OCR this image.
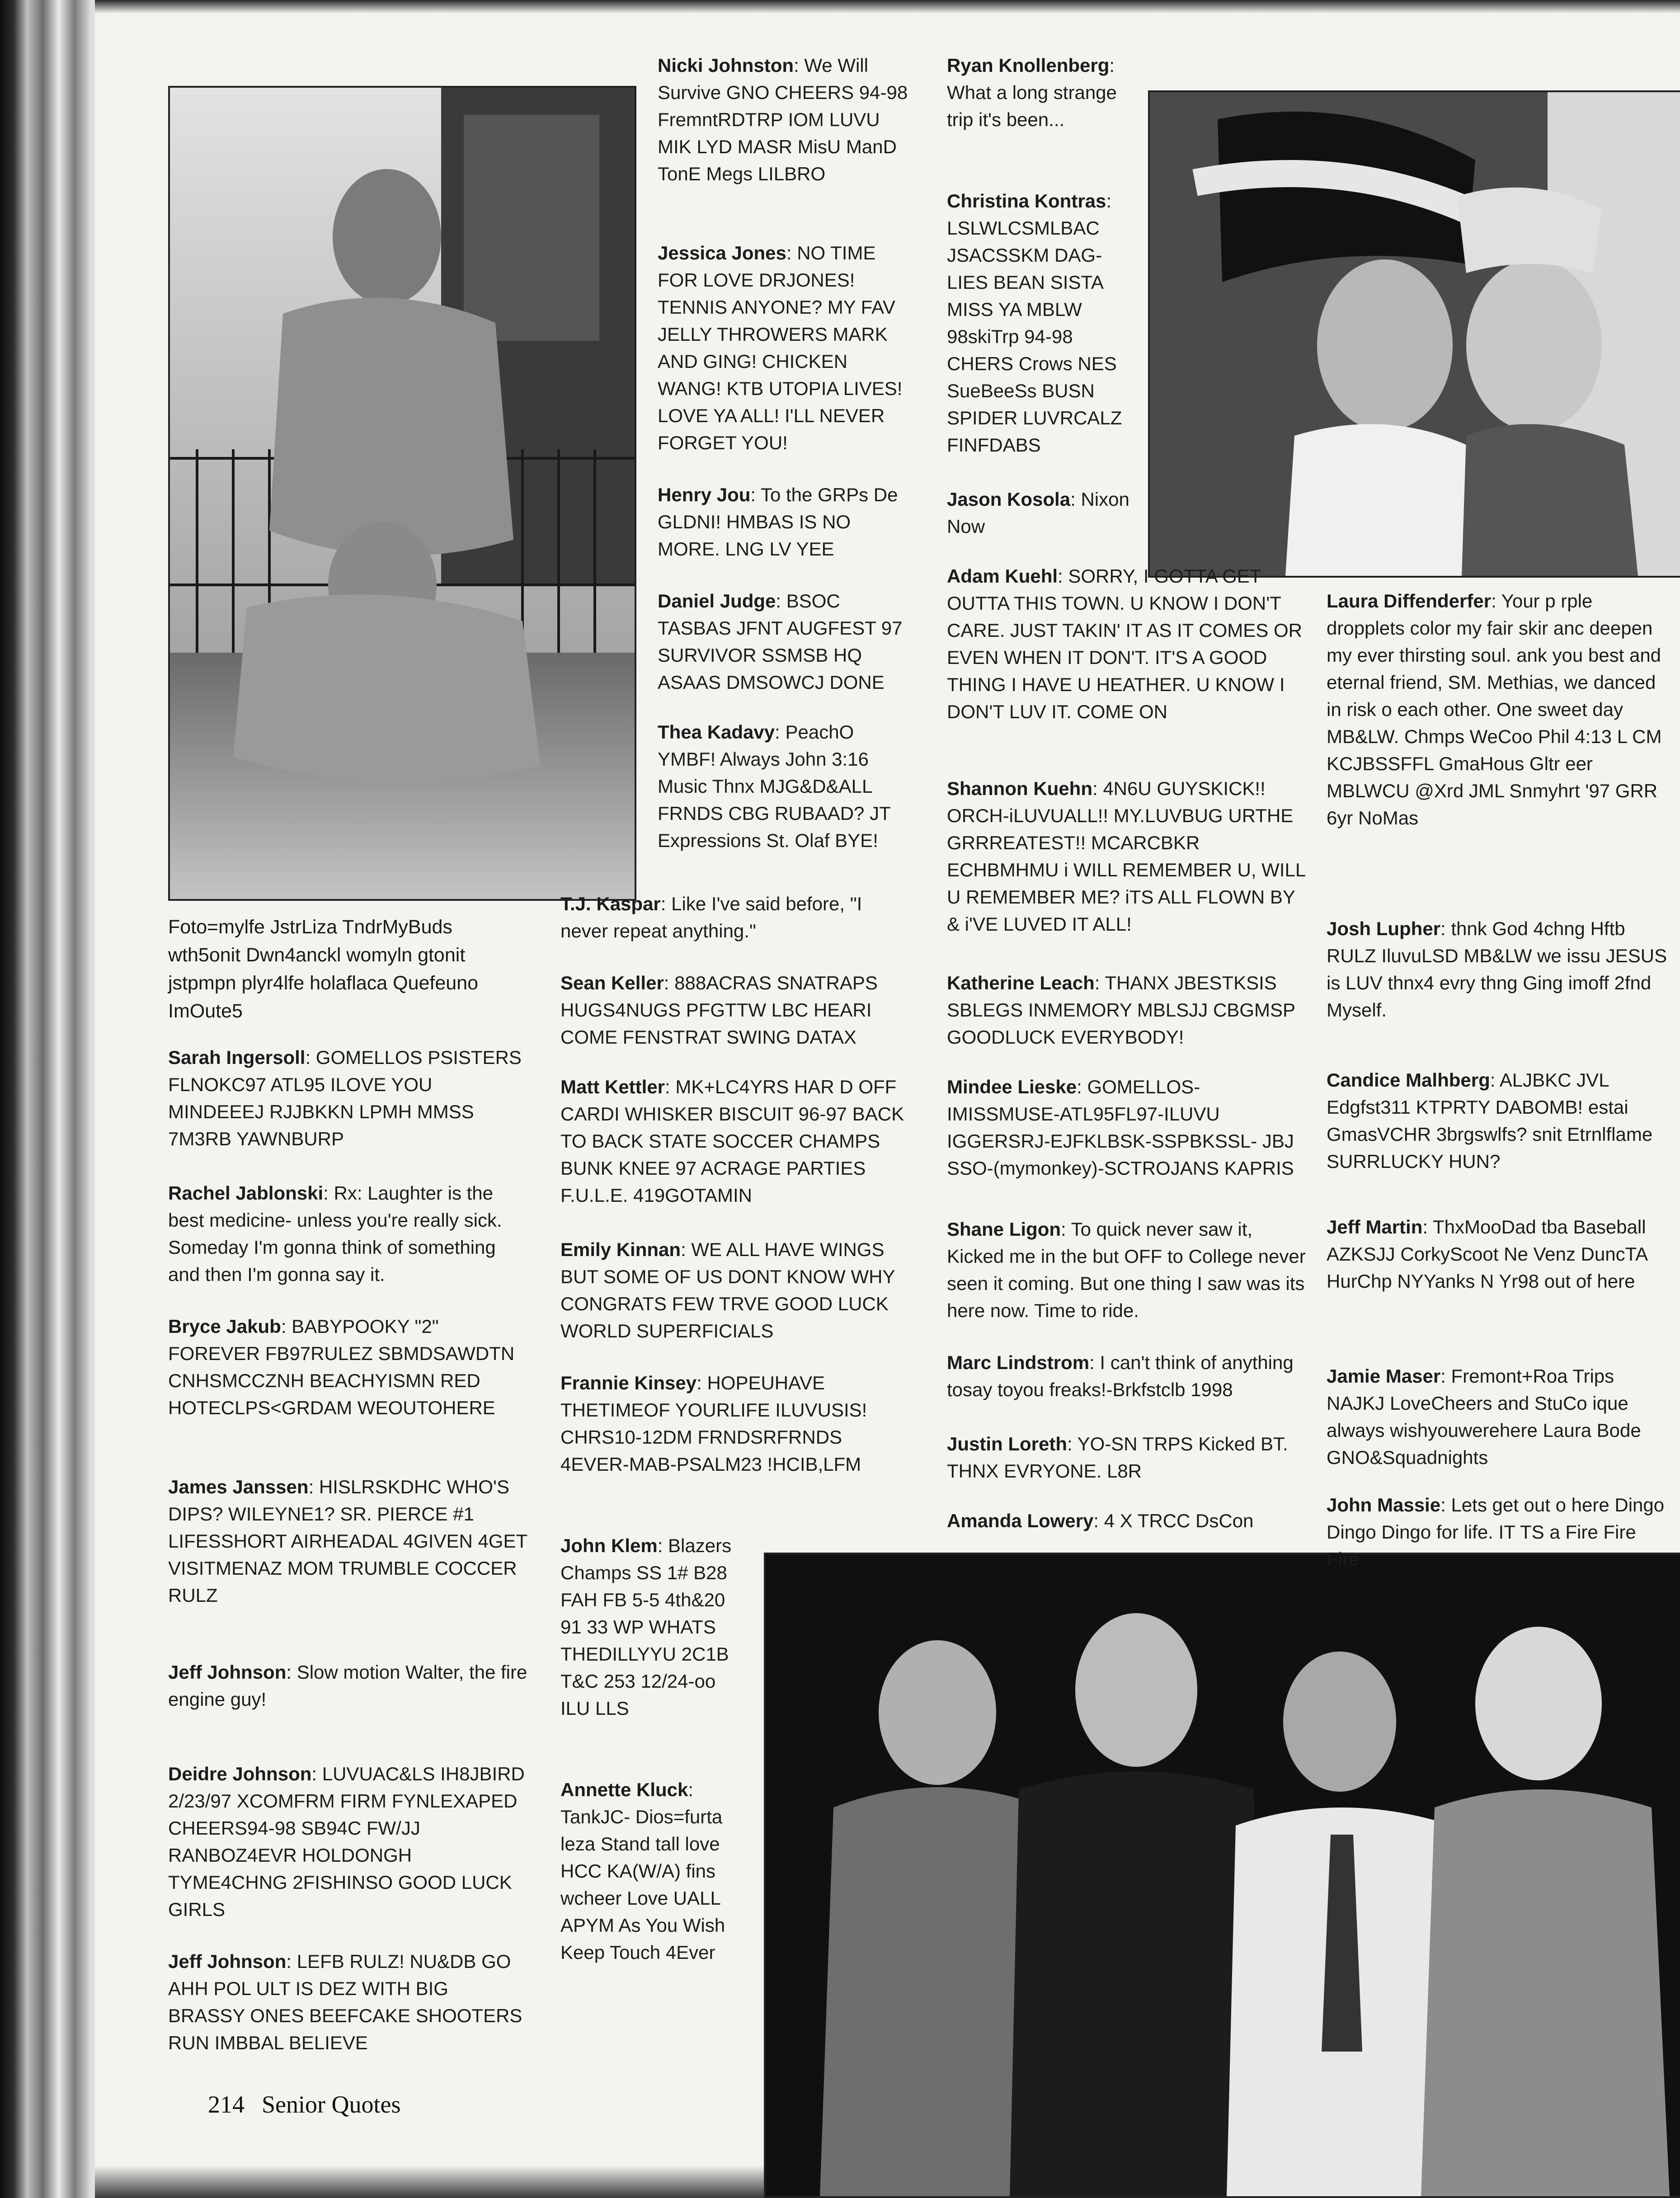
Foto=mylfe JstrLiza TndrMyBuds wth5onit Dwn4anckl womyln gtonit jstpmpn plyr4lfe holaflaca Quefeuno ImOute5
Nicki Johnston: We Will Survive GNO CHEERS 94-98 FremntRDTRP IOM LUVU MIK LYD MASR MisU ManD TonE Megs LILBRO
Jessica Jones: NO TIME FOR LOVE DRJONES! TENNIS ANYONE? MY FAV JELLY THROWERS MARK AND GING! CHICKEN WANG! KTB UTOPIA LIVES! LOVE YA ALL! I'LL NEVER FORGET YOU!
Henry Jou: To the GRPs De GLDNI! HMBAS IS NO MORE. LNG LV YEE
Daniel Judge: BSOC TASBAS JFNT AUGFEST 97 SURVIVOR SSMSB HQ ASAAS DMSOWCJ DONE
Thea Kadavy: PeachO YMBF! Always John 3:16 Music Thnx MJG&D&ALL FRNDS CBG RUBAAD? JT Expressions St. Olaf BYE!
T.J. Kaspar: Like I've said before, "I never repeat anything."
Sean Keller: 888ACRAS SNATRAPS HUGS4NUGS PFGTTW LBC HEARI COME FENSTRAT SWING DATAX
Matt Kettler: MK+LC4YRS HAR D OFF CARDI WHISKER BISCUIT 96-97 BACK TO BACK STATE SOCCER CHAMPS BUNK KNEE 97 ACRAGE PARTIES F.U.L.E. 419GOTAMIN
Emily Kinnan: WE ALL HAVE WINGS BUT SOME OF US DONT KNOW WHY CONGRATS FEW TRVE GOOD LUCK WORLD SUPERFICIALS
Frannie Kinsey: HOPEUHAVE THETIMEOF YOURLIFE ILUVUSIS! CHRS10-12DM FRNDSRFRNDS 4EVER-MAB-PSALM23 !HCIB,LFM
John Klem: Blazers Champs SS 1# B28 FAH FB 5-5 4th&20 91 33 WP WHATS THEDILLYYU 2C1B T&C 253 12/24-oo ILU LLS
Annette Kluck: TankJC- Dios=furta leza Stand tall love HCC KA(W/A) fins wcheer Love UALL APYM As You Wish Keep Touch 4Ever
Sarah Ingersoll: GOMELLOS PSISTERS FLNOKC97 ATL95 ILOVE YOU MINDEEEJ RJJBKKN LPMH MMSS 7M3RB YAWNBURP
Rachel Jablonski: Rx: Laughter is the best medicine- unless you're really sick. Someday I'm gonna think of something and then I'm gonna say it.
Bryce Jakub: BABYPOOKY "2" FOREVER FB97RULEZ SBMDSAWDTN CNHSMCCZNH BEACHYISMN RED HOTECLPS<GRDAM WEOUTOHERE
James Janssen: HISLRSKDHC WHO'S DIPS? WILEYNE1? SR. PIERCE #1 LIFESSHORT AIRHEADAL 4GIVEN 4GET VISITMENAZ MOM TRUMBLE COCCER RULZ
Jeff Johnson: Slow motion Walter, the fire engine guy!
Deidre Johnson: LUVUAC&LS IH8JBIRD 2/23/97 XCOMFRM FIRM FYNLEXAPED CHEERS94-98 SB94C FW/JJ RANBOZ4EVR HOLDONGH TYME4CHNG 2FISHINSO GOOD LUCK GIRLS
Jeff Johnson: LEFB RULZ! NU&DB GO AHH POL ULT IS DEZ WITH BIG BRASSY ONES BEEFCAKE SHOOTERS RUN IMBBAL BELIEVE
Ryan Knollenberg: What a long strange trip it's been...
Christina Kontras: LSLWLCSMLBAC JSACSSKM DAG-LIES BEAN SISTA MISS YA MBLW 98skiTrp 94-98 CHERS Crows NES SueBeeSs BUSN SPIDER LUVRCALZ FINFDABS
Jason Kosola: Nixon Now
Adam Kuehl: SORRY, I GOTTA GET OUTTA THIS TOWN. U KNOW I DON'T CARE. JUST TAKIN' IT AS IT COMES OR EVEN WHEN IT DON'T. IT'S A GOOD THING I HAVE U HEATHER. U KNOW I DON'T LUV IT. COME ON
Shannon Kuehn: 4N6U GUYSKICK!! ORCH-iLUVUALL!! MY.LUVBUG URTHE GRRREATEST!! MCARCBKR ECHBMHMU i WILL REMEMBER U, WILL U REMEMBER ME? iTS ALL FLOWN BY & i'VE LUVED IT ALL!
Katherine Leach: THANX JBESTKSIS SBLEGS INMEMORY MBLSJJ CBGMSP GOODLUCK EVERYBODY!
Mindee Lieske: GOMELLOS-IMISSMUSE-ATL95FL97-ILUVU IGGERSRJ-EJFKLBSK-SSPBKSSL- JBJ SSO-(mymonkey)-SCTROJANS KAPRIS
Shane Ligon: To quick never saw it, Kicked me in the but OFF to College never seen it coming. But one thing I saw was its here now. Time to ride.
Marc Lindstrom: I can't think of anything tosay toyou freaks!-Brkfstclb 1998
Justin Loreth: YO-SN TRPS Kicked BT. THNX EVRYONE. L8R
Amanda Lowery: 4 X TRCC DsCon
Laura Diffenderfer: Your p rple dropplets color my fair skir anc deepen my ever thirsting soul. ank you best and eternal friend, SM. Methias, we danced in risk o each other. One sweet day MB&LW. Chmps WeCoo Phil 4:13 L CM KCJBSSFFL GmaHous Gltr eer MBLWCU @Xrd JML Snmyhrt '97 GRR 6yr NoMas
Josh Lupher: thnk God 4chng Hftb RULZ IluvuLSD MB&LW we issu JESUS is LUV thnx4 evry thng Ging imoff 2fnd Myself.
Candice Malhberg: ALJBKC JVL Edgfst311 KTPRTY DABOMB! estai GmasVCHR 3brgswlfs? snit Etrnlflame SURRLUCKY HUN?
Jeff Martin: ThxMooDad tba Baseball AZKSJJ CorkyScoot Ne Venz DuncTA HurChp NYYanks N Yr98 out of here
Jamie Maser: Fremont+Roa Trips NAJKJ LoveCheers and StuCo ique always wishyouwerehere Laura Bode GNO&Squadnights
John Massie: Lets get out o here Dingo Dingo Dingo for life. IT TS a Fire Fire Fire
214 Senior Quotes
